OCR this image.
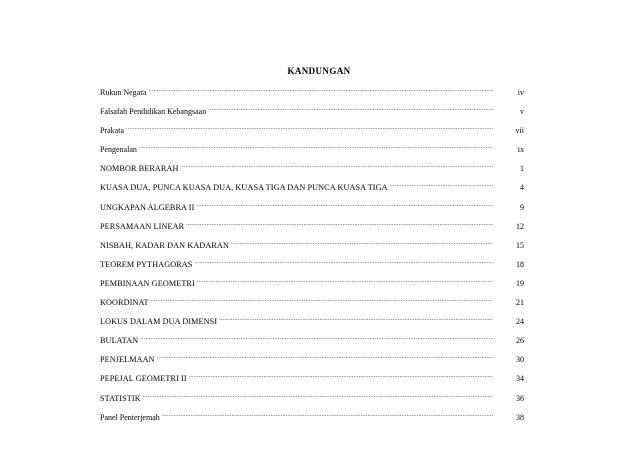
KANDUNGAN
Rukun Negara .....	iv
Falsafah Pendidikan Kebangsaan .....	v
Prakata .....	vii
Pengenalan .....	ix
NOMBOR BERARAH .....	1
KUASA DUA, PUNCA KUASA DUA, KUASA TIGA DAN PUNCA KUASA TIGA .....	4
UNGKAPAN ALGEBRA II .....	9
PERSAMAAN LINEAR .....	12
NISBAH, KADAR DAN KADARAN .....	15
TEOREM PYTHAGORAS .....	18
PEMBINAAN GEOMETRI .....	19
KOORDINAT .....	21
LOKUS DALAM DUA DIMENSI .....	24
BULATAN .....	26
PENJELMAAN .....	30
PEPEJAL GEOMETRI II .....	34
STATISTIK .....	36
Panel Penterjemah .....	38
